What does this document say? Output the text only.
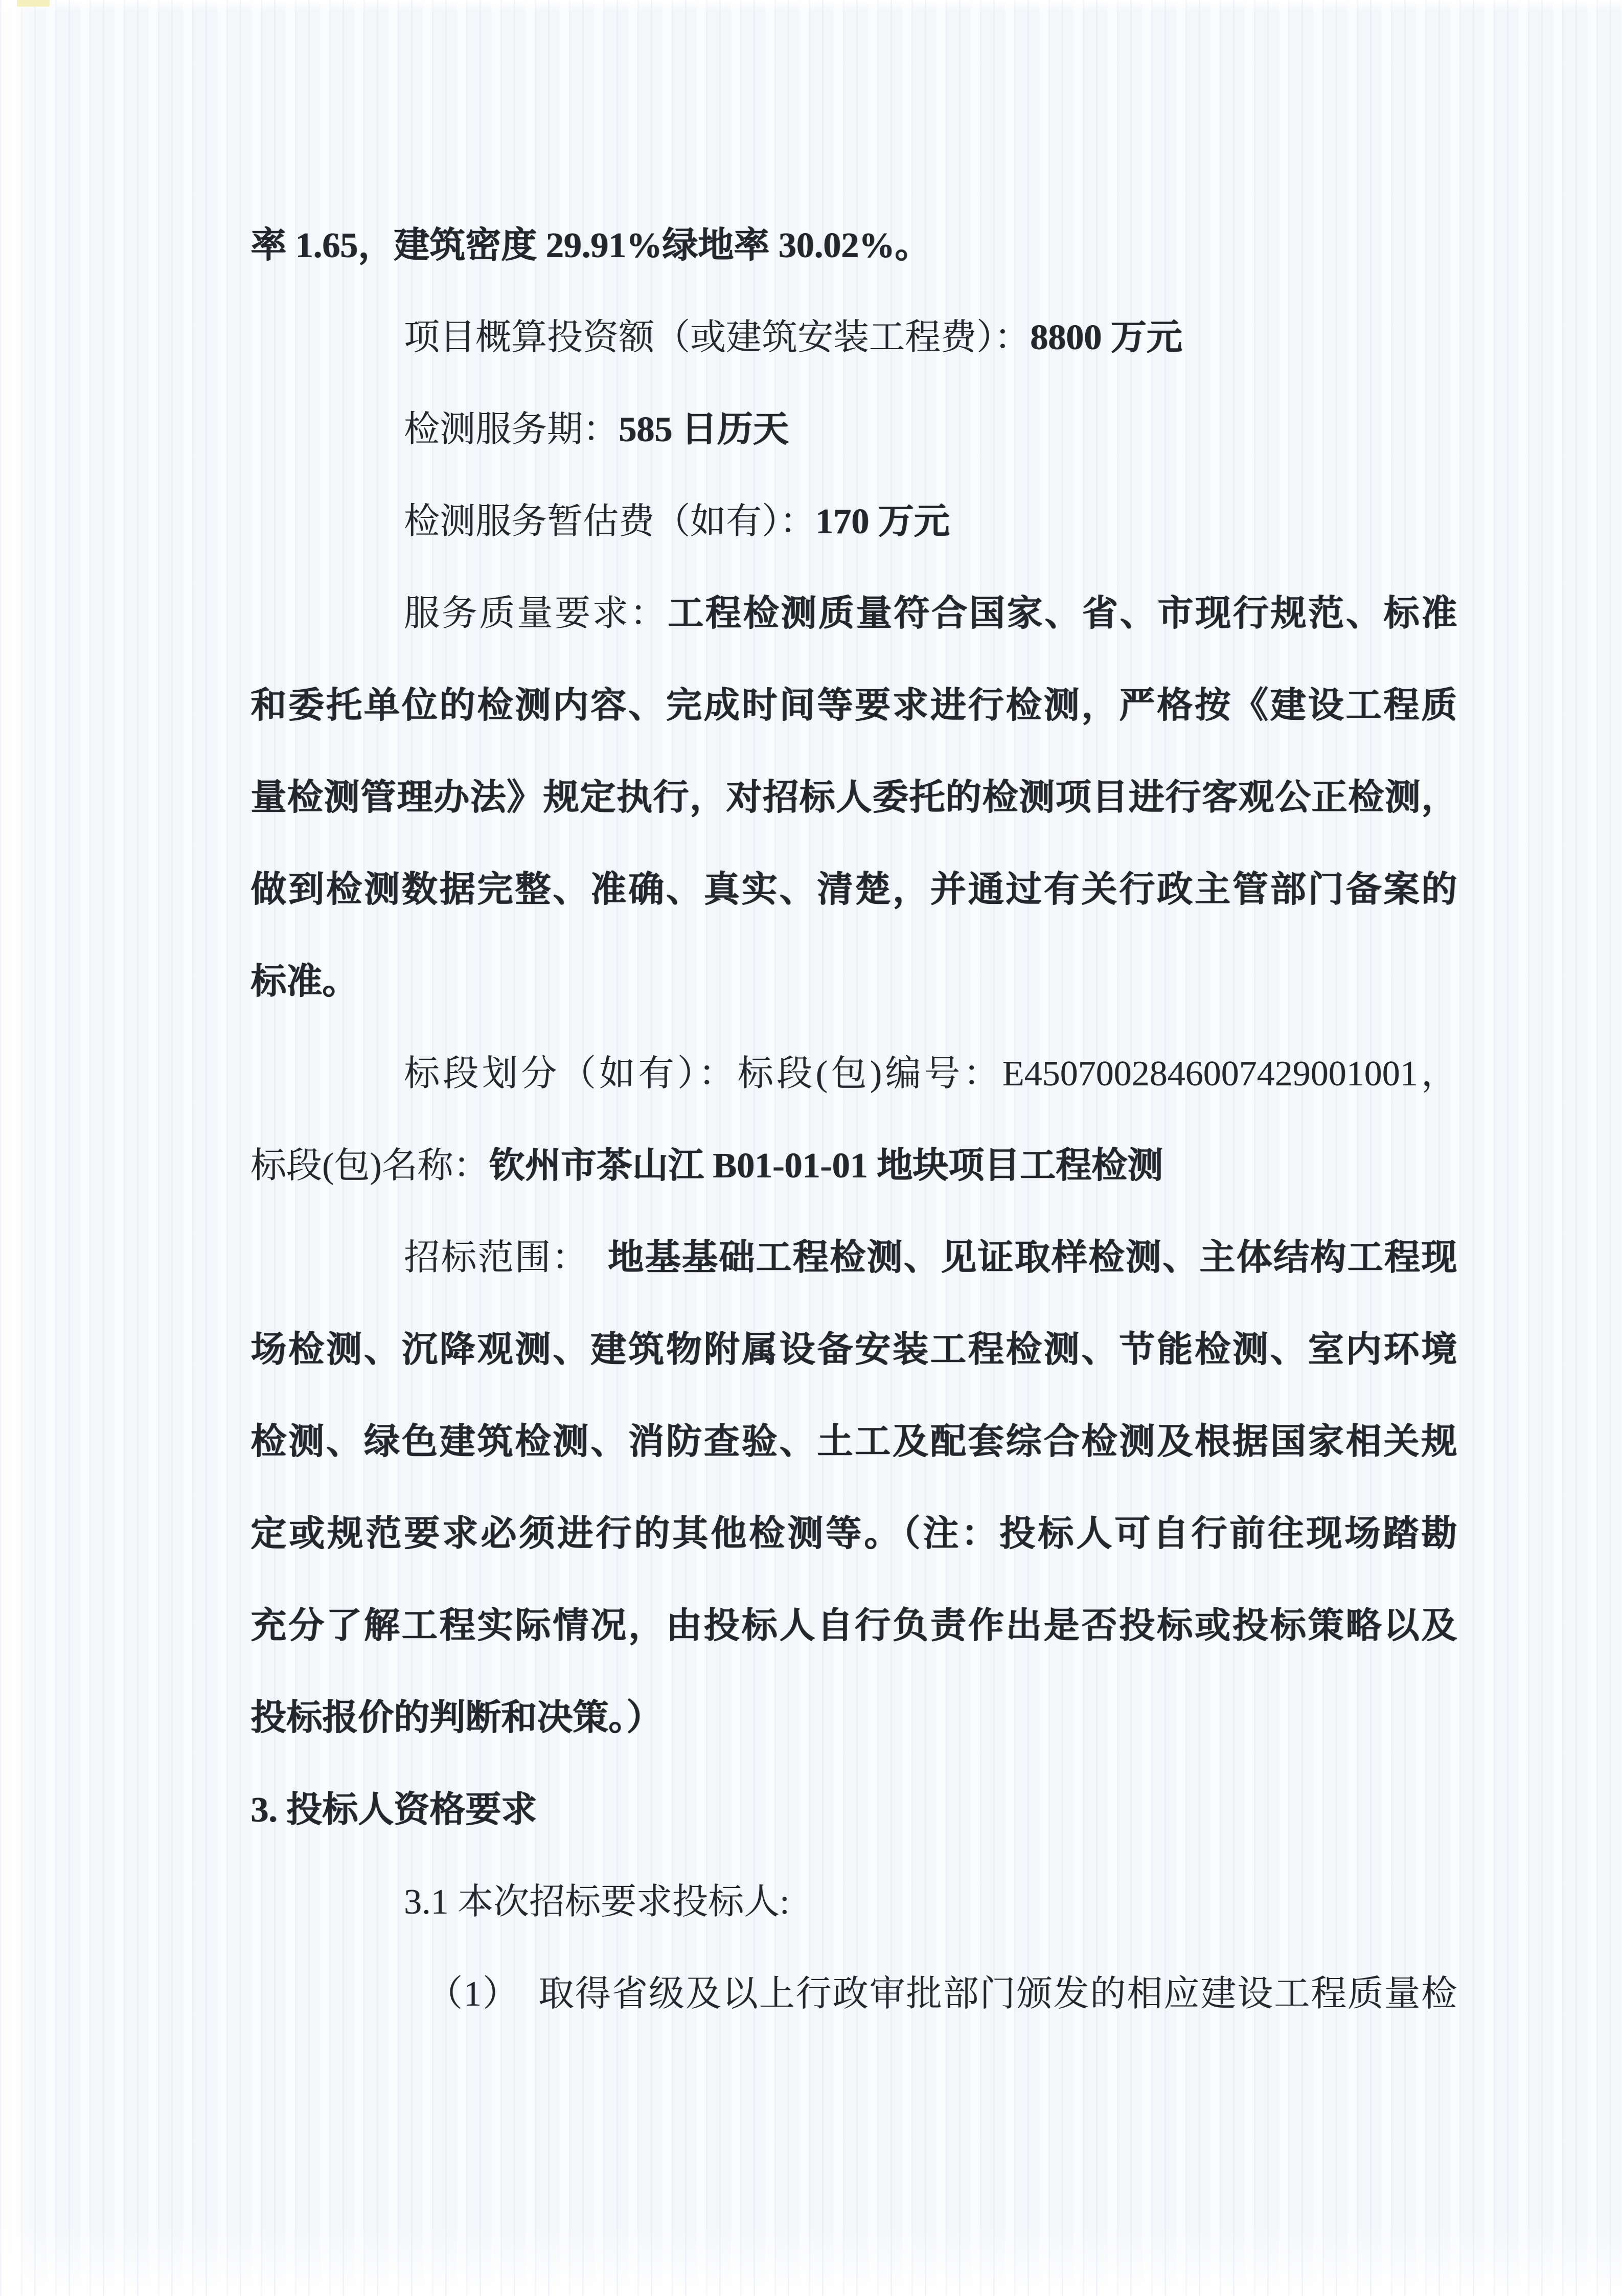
率 1.65，建筑密度 29.91%绿地率 30.02%。
项目概算投资额（或建筑安装工程费）：8800 万元
检测服务期：585 日历天
检测服务暂估费（如有）：170 万元
服务质量要求：工程检测质量符合国家、省、市现行规范、标准
和委托单位的检测内容、完成时间等要求进行检测，严格按《建设工程质
量检测管理办法》规定执行，对招标人委托的检测项目进行客观公正检测，
做到检测数据完整、准确、真实、清楚，并通过有关行政主管部门备案的
标准。
标段划分（如有）：标段(包)编号：E4507002846007429001001，
标段(包)名称：钦州市茶山江 B01-01-01 地块项目工程检测
招标范围：　地基基础工程检测、见证取样检测、主体结构工程现
场检测、沉降观测、建筑物附属设备安装工程检测、节能检测、室内环境
检测、绿色建筑检测、消防查验、土工及配套综合检测及根据国家相关规
定或规范要求必须进行的其他检测等。（注：投标人可自行前往现场踏勘
充分了解工程实际情况，由投标人自行负责作出是否投标或投标策略以及
投标报价的判断和决策。）
3. 投标人资格要求
3.1 本次招标要求投标人:
（1）　取得省级及以上行政审批部门颁发的相应建设工程质量检
